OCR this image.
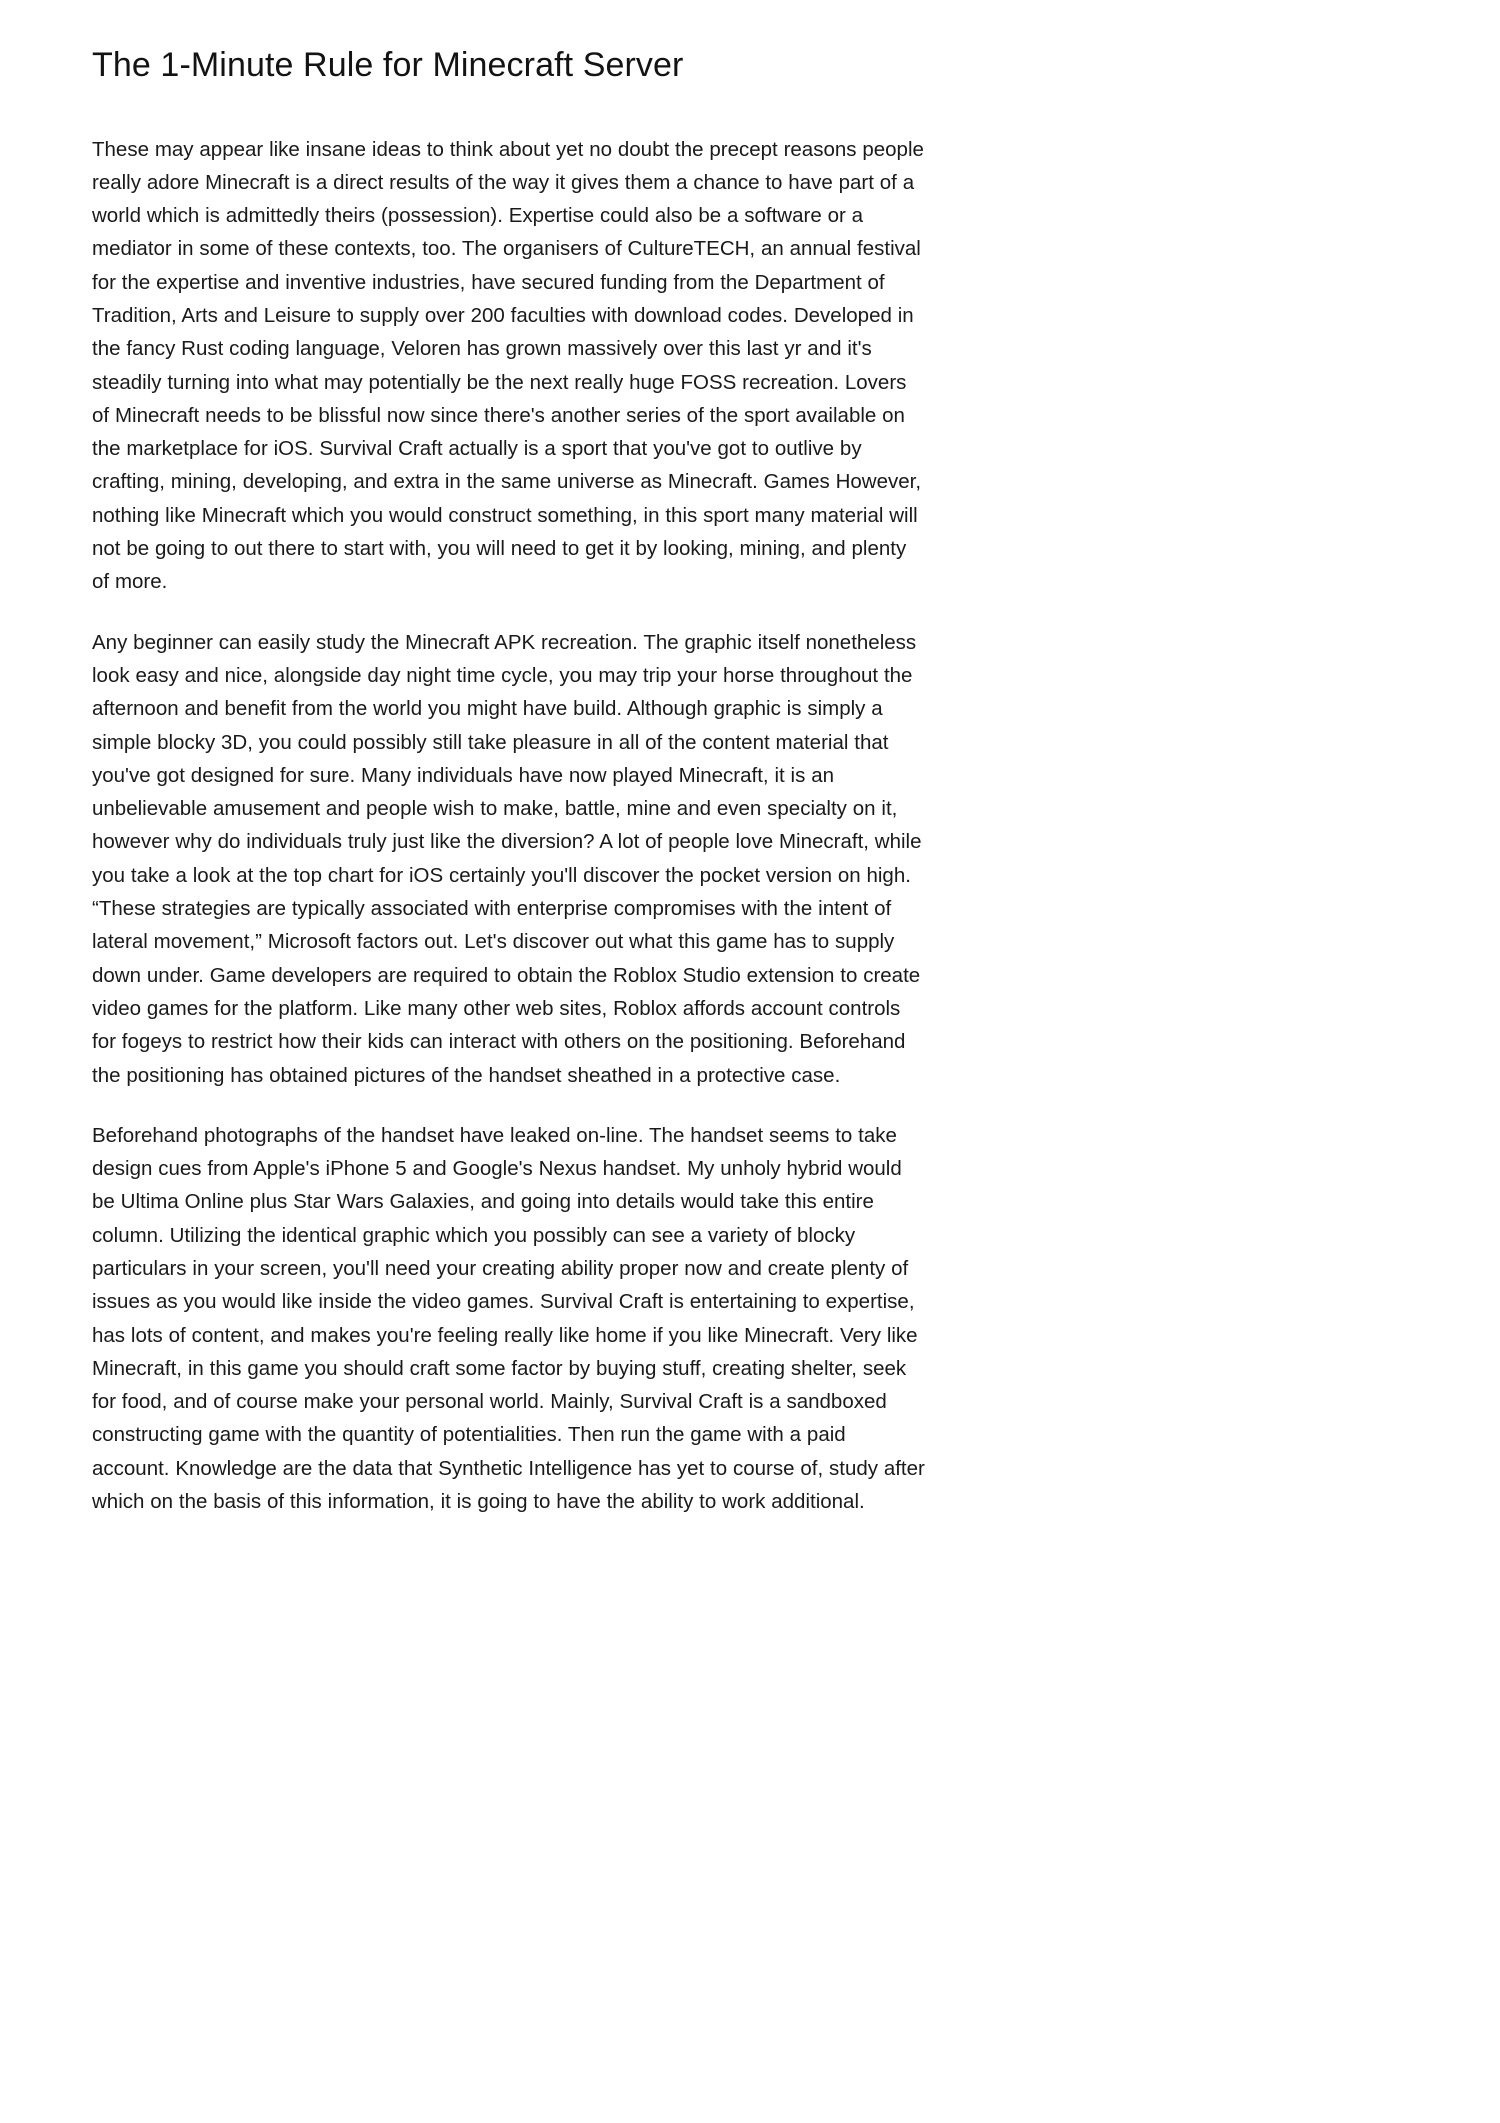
The 1-Minute Rule for Minecraft Server

These may appear like insane ideas to think about yet no doubt the precept reasons people really adore Minecraft is a direct results of the way it gives them a chance to have part of a world which is admittedly theirs (possession). Expertise could also be a software or a mediator in some of these contexts, too. The organisers of CultureTECH, an annual festival for the expertise and inventive industries, have secured funding from the Department of Tradition, Arts and Leisure to supply over 200 faculties with download codes. Developed in the fancy Rust coding language, Veloren has grown massively over this last yr and it's steadily turning into what may potentially be the next really huge FOSS recreation. Lovers of Minecraft needs to be blissful now since there's another series of the sport available on the marketplace for iOS. Survival Craft actually is a sport that you've got to outlive by crafting, mining, developing, and extra in the same universe as Minecraft. Games However, nothing like Minecraft which you would construct something, in this sport many material will not be going to out there to start with, you will need to get it by looking, mining, and plenty of more.

Any beginner can easily study the Minecraft APK recreation. The graphic itself nonetheless look easy and nice, alongside day night time cycle, you may trip your horse throughout the afternoon and benefit from the world you might have build. Although graphic is simply a simple blocky 3D, you could possibly still take pleasure in all of the content material that you've got designed for sure. Many individuals have now played Minecraft, it is an unbelievable amusement and people wish to make, battle, mine and even specialty on it, however why do individuals truly just like the diversion? A lot of people love Minecraft, while you take a look at the top chart for iOS certainly you'll discover the pocket version on high. “These strategies are typically associated with enterprise compromises with the intent of lateral movement,” Microsoft factors out. Let's discover out what this game has to supply down under. Game developers are required to obtain the Roblox Studio extension to create video games for the platform. Like many other web sites, Roblox affords account controls for fogeys to restrict how their kids can interact with others on the positioning. Beforehand the positioning has obtained pictures of the handset sheathed in a protective case.

Beforehand photographs of the handset have leaked on-line. The handset seems to take design cues from Apple's iPhone 5 and Google's Nexus handset. My unholy hybrid would be Ultima Online plus Star Wars Galaxies, and going into details would take this entire column. Utilizing the identical graphic which you possibly can see a variety of blocky particulars in your screen, you'll need your creating ability proper now and create plenty of issues as you would like inside the video games. Survival Craft is entertaining to expertise, has lots of content, and makes you're feeling really like home if you like Minecraft. Very like Minecraft, in this game you should craft some factor by buying stuff, creating shelter, seek for food, and of course make your personal world. Mainly, Survival Craft is a sandboxed constructing game with the quantity of potentialities. Then run the game with a paid account. Knowledge are the data that Synthetic Intelligence has yet to course of, study after which on the basis of this information, it is going to have the ability to work additional.
